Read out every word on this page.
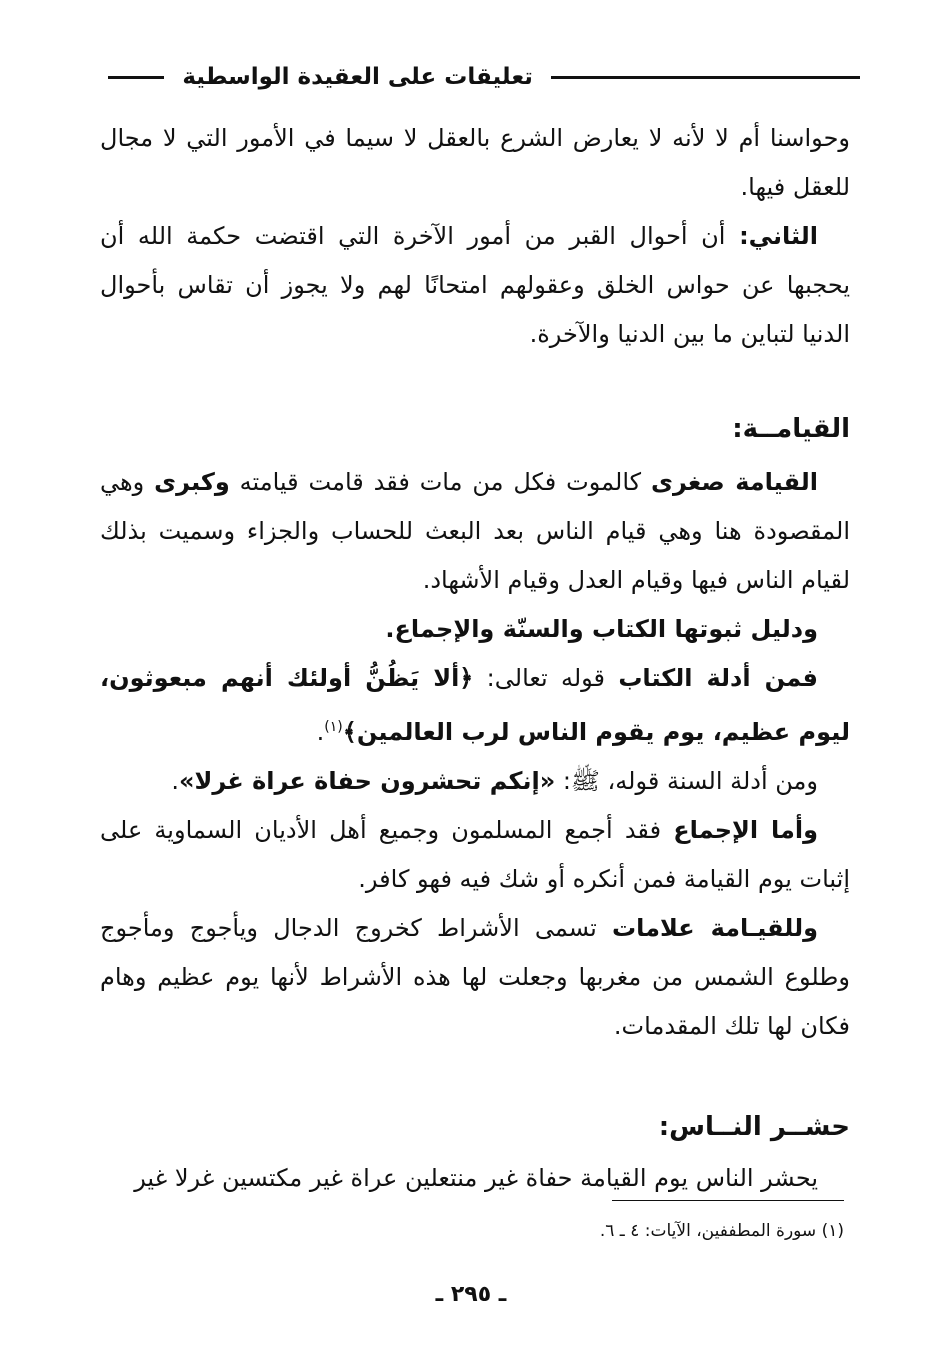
تعليقات على العقيدة الواسطية

وحواسنا أم لا لأنه لا يعارض الشرع بالعقل لا سيما في الأمور التي لا مجال للعقل فيها.

الثاني: أن أحوال القبر من أمور الآخرة التي اقتضت حكمة الله أن يحجبها عن حواس الخلق وعقولهم امتحانًا لهم ولا يجوز أن تقاس بأحوال الدنيا لتباين ما بين الدنيا والآخرة.

القيامــة:

القيامة صغرى كالموت فكل من مات فقد قامت قيامته وكبرى وهي المقصودة هنا وهي قيام الناس بعد البعث للحساب والجزاء وسميت بذلك لقيام الناس فيها وقيام العدل وقيام الأشهاد.

ودليل ثبوتها الكتاب والسنّة والإجماع.

فمن أدلة الكتاب قوله تعالى: ﴿ألا يَظُنُّ أولئك أنهم مبعوثون، ليوم عظيم، يوم يقوم الناس لرب العالمين﴾$^{(١)}$.

ومن أدلة السنة قوله، ﷺ: «إنكم تحشرون حفاة عراة غرلا».

وأما الإجماع فقد أجمع المسلمون وجميع أهل الأديان السماوية على إثبات يوم القيامة فمن أنكره أو شك فيه فهو كافر.

وللقيـامة علامات تسمى الأشراط كخروج الدجال ويأجوج ومأجوج وطلوع الشمس من مغربها وجعلت لها هذه الأشراط لأنها يوم عظيم وهام فكان لها تلك المقدمات.

حشــر النــاس:

يحشر الناس يوم القيامة حفاة غير منتعلين عراة غير مكتسين غرلا غير

(١) سورة المطففين، الآيات: ٤ ـ ٦.
ـ ٢٩٥ ـ
